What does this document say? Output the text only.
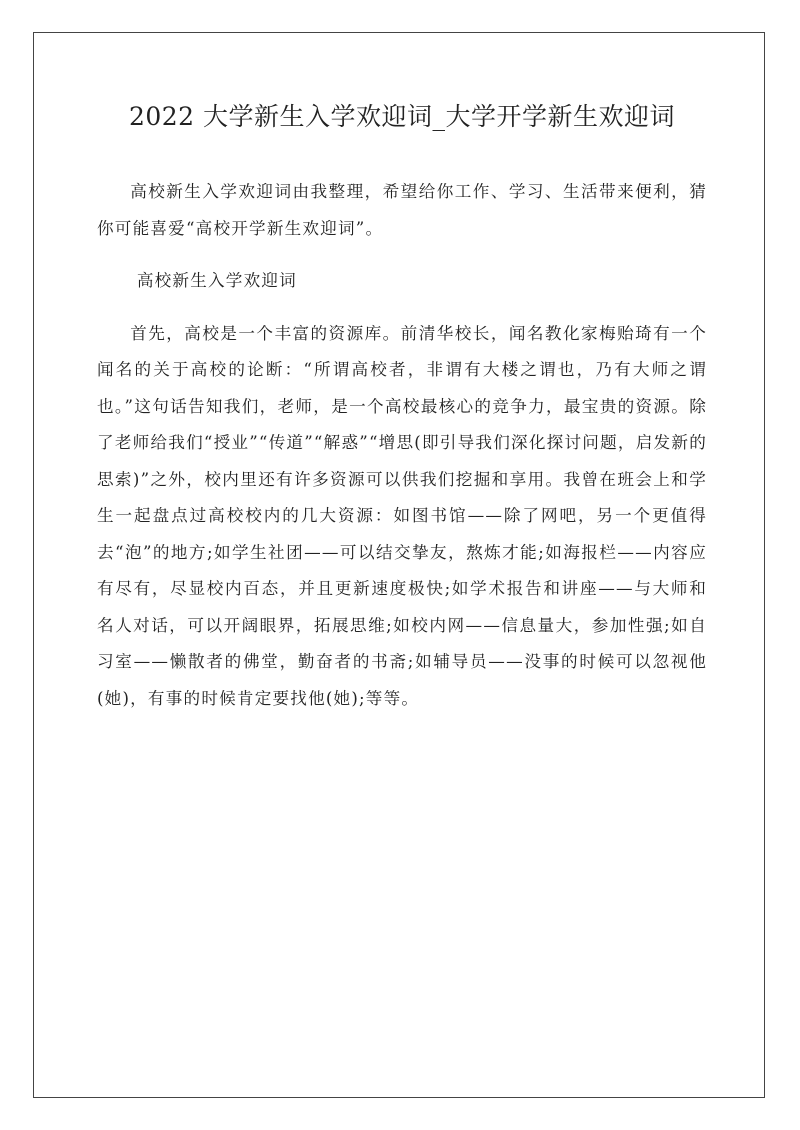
2022 大学新生入学欢迎词_大学开学新生欢迎词

高校新生入学欢迎词由我整理，希望给你工作、学习、生活带来便利，猜你可能喜爱“高校开学新生欢迎词”。

高校新生入学欢迎词

首先，高校是一个丰富的资源库。前清华校长，闻名教化家梅贻琦有一个闻名的关于高校的论断：“所谓高校者，非谓有大楼之谓也，乃有大师之谓也。”这句话告知我们，老师，是一个高校最核心的竞争力，最宝贵的资源。除了老师给我们“授业”“传道”“解惑”“增思(即引导我们深化探讨问题，启发新的思索)”之外，校内里还有许多资源可以供我们挖掘和享用。我曾在班会上和学生一起盘点过高校校内的几大资源：如图书馆——除了网吧，另一个更值得去“泡”的地方;如学生社团——可以结交挚友，熬炼才能;如海报栏——内容应有尽有，尽显校内百态，并且更新速度极快;如学术报告和讲座——与大师和名人对话，可以开阔眼界，拓展思维;如校内网——信息量大，参加性强;如自习室——懒散者的佛堂，勤奋者的书斋;如辅导员——没事的时候可以忽视他(她)，有事的时候肯定要找他(她);等等。
